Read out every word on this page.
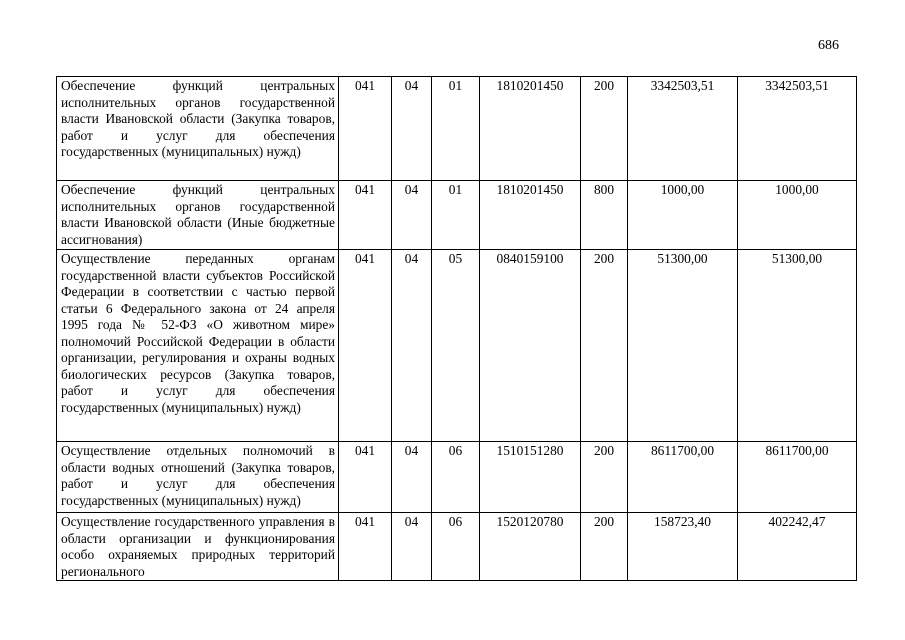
686
Обеспечение функций центральных исполнительных органов государственной власти Ивановской области (Закупка товаров, работ и услуг для обеспечения государственных (муниципальных) нужд)	041	04	01	1810201450	200	3342503,51	3342503,51
Обеспечение функций центральных исполнительных органов государственной власти Ивановской области (Иные бюджетные ассигнования)	041	04	01	1810201450	800	1000,00	1000,00
Осуществление переданных органам государственной власти субъектов Российской Федерации в соответствии с частью первой статьи 6 Федерального закона от 24 апреля 1995 года № 52-ФЗ «О животном мире» полномочий Российской Федерации в области организации, регулирования и охраны водных биологических ресурсов (Закупка товаров, работ и услуг для обеспечения государственных (муниципальных) нужд)	041	04	05	0840159100	200	51300,00	51300,00
Осуществление отдельных полномочий в области водных отношений (Закупка товаров, работ и услуг для обеспечения государственных (муниципальных) нужд)	041	04	06	1510151280	200	8611700,00	8611700,00
Осуществление государственного управления в области организации и функционирования особо охраняемых природных территорий регионального	041	04	06	1520120780	200	158723,40	402242,47
